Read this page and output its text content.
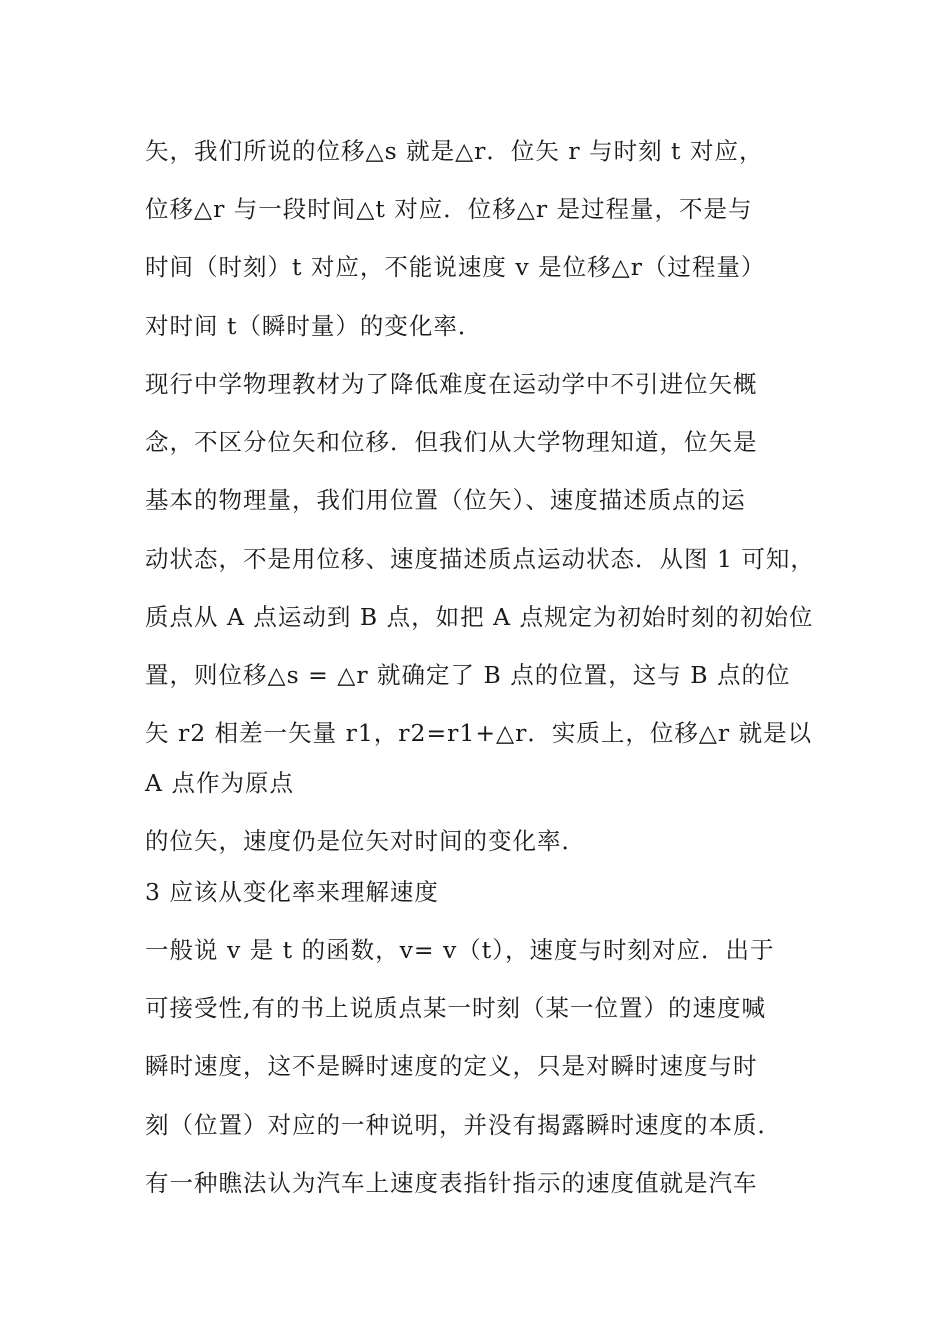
矢，我们所说的位移△s 就是△r．位矢 r 与时刻 t 对应，
位移△r 与一段时间△t 对应．位移△r 是过程量，不是与
时间（时刻）t 对应，不能说速度 v 是位移△r（过程量）
对时间 t（瞬时量）的变化率．
现行中学物理教材为了降低难度在运动学中不引进位矢概
念，不区分位矢和位移．但我们从大学物理知道，位矢是
基本的物理量，我们用位置（位矢）、速度描述质点的运
动状态，不是用位移、速度描述质点运动状态．从图 1 可知，
质点从 A 点运动到 B 点，如把 A 点规定为初始时刻的初始位
置，则位移△s = △r 就确定了 B 点的位置，这与 B 点的位
矢 r2 相差一矢量 r1，r2=r1+△r．实质上，位移△r 就是以
A 点作为原点
的位矢，速度仍是位矢对时间的变化率．
3 应该从变化率来理解速度
一般说 v 是 t 的函数，v= v（t），速度与时刻对应．出于
可接受性,有的书上说质点某一时刻（某一位置）的速度喊
瞬时速度，这不是瞬时速度的定义，只是对瞬时速度与时
刻（位置）对应的一种说明，并没有揭露瞬时速度的本质．
有一种瞧法认为汽车上速度表指针指示的速度值就是汽车
